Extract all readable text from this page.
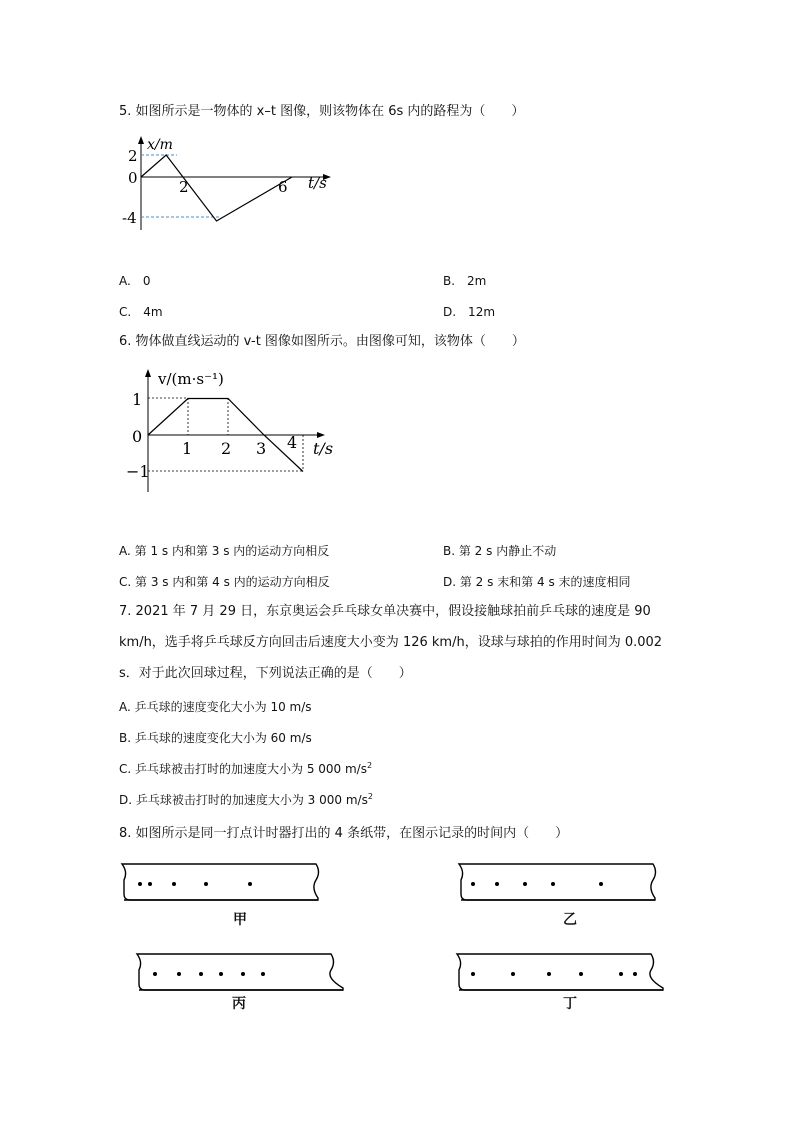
5. 如图所示是一物体的 x–t 图像，则该物体在 6s 内的路程为（　　）
x/m
2
0
-4
2	6 t/s
A.　0	B.　2m
C.　4m	D.　12m
6. 物体做直线运动的 v-t 图像如图所示。由图像可知，该物体（　　）
v/(m·s⁻¹)
1
0
−1
1 2 3 4 t/s
A. 第 1 s 内和第 3 s 内的运动方向相反	B. 第 2 s 内静止不动
C. 第 3 s 内和第 4 s 内的运动方向相反	D. 第 2 s 末和第 4 s 末的速度相同
7. 2021 年 7 月 29 日，东京奥运会乒乓球女单决赛中，假设接触球拍前乒乓球的速度是 90
km/h，选手将乒乓球反方向回击后速度大小变为 126 km/h，设球与球拍的作用时间为 0.002
s．对于此次回球过程，下列说法正确的是（　　）
A. 乒乓球的速度变化大小为 10 m/s
B. 乒乓球的速度变化大小为 60 m/s
C. 乒乓球被击打时的加速度大小为 5 000 $m/s^2$
D. 乒乓球被击打时的加速度大小为 3 000 $m/s^2$
8. 如图所示是同一打点计时器打出的 4 条纸带，在图示记录的时间内（　　）
甲	乙
丙	丁
